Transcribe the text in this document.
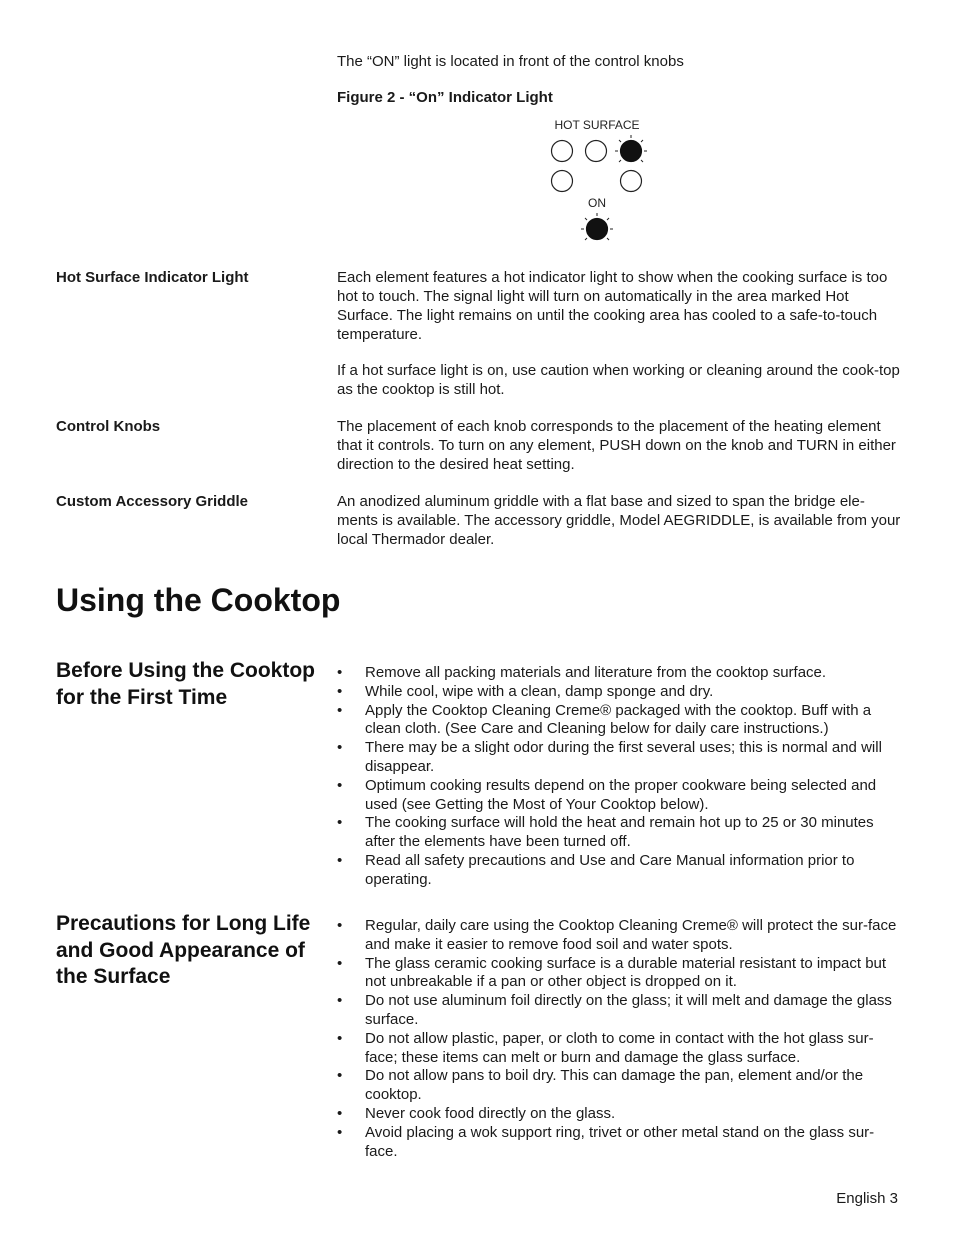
The “ON” light is located in front of the control knobs
Figure 2 - “On” Indicator Light
HOT SURFACE
ON
Hot Surface Indicator Light	Each element features a hot indicator light to show when the cooking surface is too hot to touch. The signal light will turn on automatically in the area marked Hot Surface. The light remains on until the cooking area has cooled to a safe-to-touch temperature.
If a hot surface light is on, use caution when working or cleaning around the cook-top as the cooktop is still hot.
Control Knobs	The placement of each knob corresponds to the placement of the heating element that it controls. To turn on any element, PUSH down on the knob and TURN in either direction to the desired heat setting.
Custom Accessory Griddle	An anodized aluminum griddle with a flat base and sized to span the bridge ele-ments is available. The accessory griddle, Model AEGRIDDLE, is available from your local Thermador dealer.
Using the Cooktop
Before Using the Cooktop for the First Time
• Remove all packing materials and literature from the cooktop surface.
• While cool, wipe with a clean, damp sponge and dry.
• Apply the Cooktop Cleaning Creme® packaged with the cooktop. Buff with a clean cloth. (See Care and Cleaning below for daily care instructions.)
• There may be a slight odor during the first several uses; this is normal and will disappear.
• Optimum cooking results depend on the proper cookware being selected and used (see Getting the Most of Your Cooktop below).
• The cooking surface will hold the heat and remain hot up to 25 or 30 minutes after the elements have been turned off.
• Read all safety precautions and Use and Care Manual information prior to operating.
Precautions for Long Life and Good Appearance of the Surface
• Regular, daily care using the Cooktop Cleaning Creme® will protect the sur-face and make it easier to remove food soil and water spots.
• The glass ceramic cooking surface is a durable material resistant to impact but not unbreakable if a pan or other object is dropped on it.
• Do not use aluminum foil directly on the glass; it will melt and damage the glass surface.
• Do not allow plastic, paper, or cloth to come in contact with the hot glass sur-face; these items can melt or burn and damage the glass surface.
• Do not allow pans to boil dry. This can damage the pan, element and/or the cooktop.
• Never cook food directly on the glass.
• Avoid placing a wok support ring, trivet or other metal stand on the glass sur-face.
English 3
